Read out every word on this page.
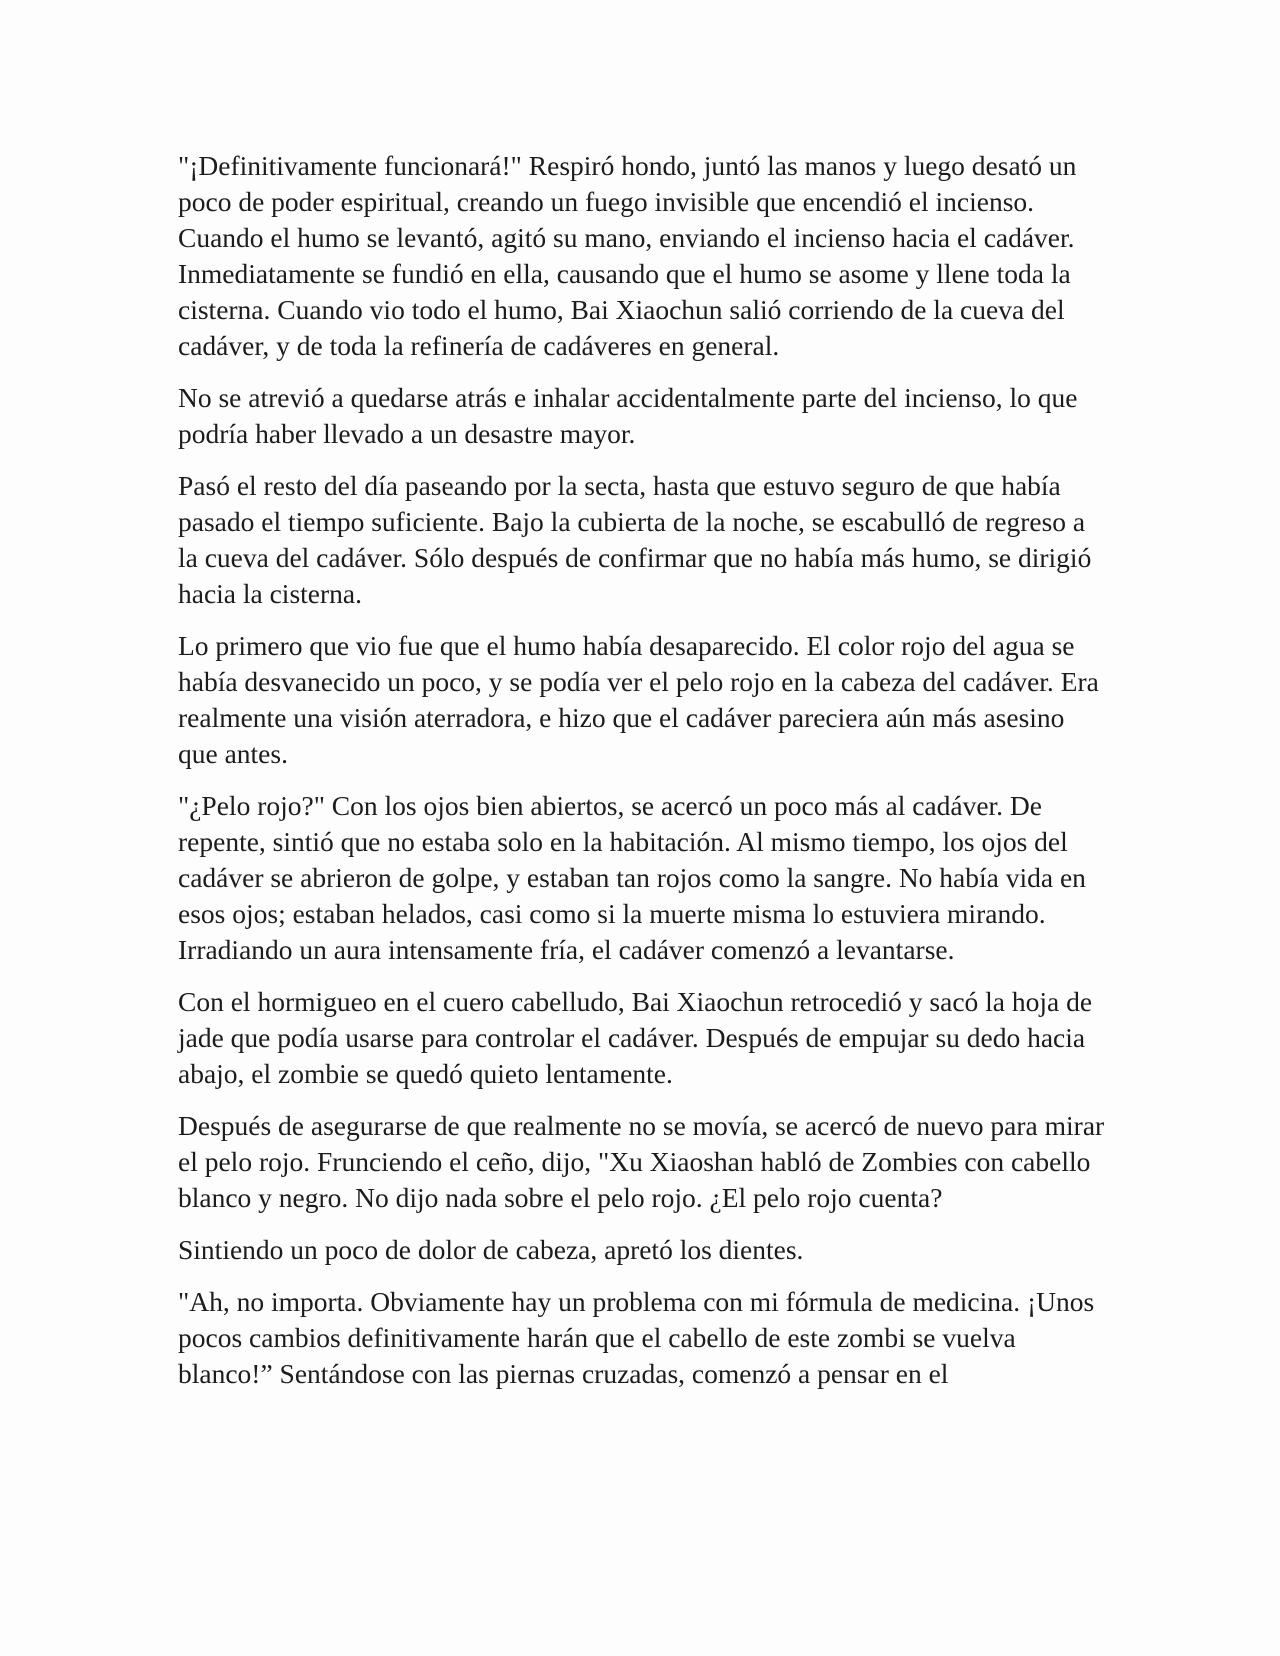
"¡Definitivamente funcionará!" Respiró hondo, juntó las manos y luego desató un poco de poder espiritual, creando un fuego invisible que encendió el incienso. Cuando el humo se levantó, agitó su mano, enviando el incienso hacia el cadáver. Inmediatamente se fundió en ella, causando que el humo se asome y llene toda la cisterna. Cuando vio todo el humo, Bai Xiaochun salió corriendo de la cueva del cadáver, y de toda la refinería de cadáveres en general.

No se atrevió a quedarse atrás e inhalar accidentalmente parte del incienso, lo que podría haber llevado a un desastre mayor.

Pasó el resto del día paseando por la secta, hasta que estuvo seguro de que había pasado el tiempo suficiente. Bajo la cubierta de la noche, se escabulló de regreso a la cueva del cadáver. Sólo después de confirmar que no había más humo, se dirigió hacia la cisterna.

Lo primero que vio fue que el humo había desaparecido. El color rojo del agua se había desvanecido un poco, y se podía ver el pelo rojo en la cabeza del cadáver. Era realmente una visión aterradora, e hizo que el cadáver pareciera aún más asesino que antes.

"¿Pelo rojo?" Con los ojos bien abiertos, se acercó un poco más al cadáver. De repente, sintió que no estaba solo en la habitación. Al mismo tiempo, los ojos del cadáver se abrieron de golpe, y estaban tan rojos como la sangre. No había vida en esos ojos; estaban helados, casi como si la muerte misma lo estuviera mirando. Irradiando un aura intensamente fría, el cadáver comenzó a levantarse.

Con el hormigueo en el cuero cabelludo, Bai Xiaochun retrocedió y sacó la hoja de jade que podía usarse para controlar el cadáver. Después de empujar su dedo hacia abajo, el zombie se quedó quieto lentamente.

Después de asegurarse de que realmente no se movía, se acercó de nuevo para mirar el pelo rojo. Frunciendo el ceño, dijo, "Xu Xiaoshan habló de Zombies con cabello blanco y negro. No dijo nada sobre el pelo rojo. ¿El pelo rojo cuenta?

Sintiendo un poco de dolor de cabeza, apretó los dientes.

"Ah, no importa. Obviamente hay un problema con mi fórmula de medicina. ¡Unos pocos cambios definitivamente harán que el cabello de este zombi se vuelva blanco!” Sentándose con las piernas cruzadas, comenzó a pensar en el
